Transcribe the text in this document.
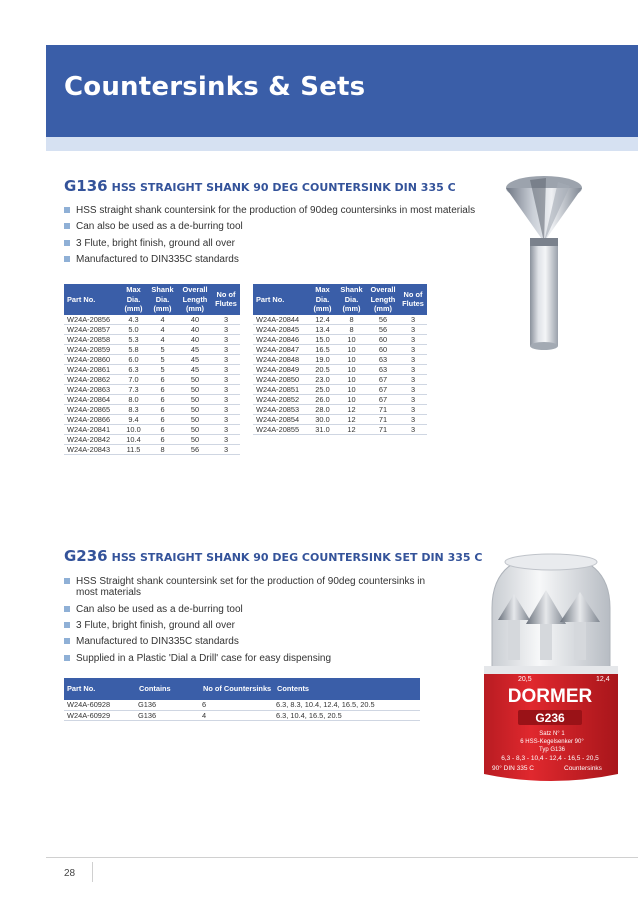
Countersinks & Sets
G136 HSS STRAIGHT SHANK 90 DEG COUNTERSINK DIN 335 C
HSS straight shank countersink for the production of 90deg countersinks in most materials
Can also be used as a de-burring tool
3 Flute, bright finish, ground all over
Manufactured to DIN335C standards
Part No.	Max Dia. (mm)	Shank Dia. (mm)	Overall Length (mm)	No of Flutes
W24A-20856	4.3	4	40	3
W24A-20857	5.0	4	40	3
W24A-20858	5.3	4	40	3
W24A-20859	5.8	5	45	3
W24A-20860	6.0	5	45	3
W24A-20861	6.3	5	45	3
W24A-20862	7.0	6	50	3
W24A-20863	7.3	6	50	3
W24A-20864	8.0	6	50	3
W24A-20865	8.3	6	50	3
W24A-20866	9.4	6	50	3
W24A-20841	10.0	6	50	3
W24A-20842	10.4	6	50	3
W24A-20843	11.5	8	56	3
Part No.	Max Dia. (mm)	Shank Dia. (mm)	Overall Length (mm)	No of Flutes
W24A-20844	12.4	8	56	3
W24A-20845	13.4	8	56	3
W24A-20846	15.0	10	60	3
W24A-20847	16.5	10	60	3
W24A-20848	19.0	10	63	3
W24A-20849	20.5	10	63	3
W24A-20850	23.0	10	67	3
W24A-20851	25.0	10	67	3
W24A-20852	26.0	10	67	3
W24A-20853	28.0	12	71	3
W24A-20854	30.0	12	71	3
W24A-20855	31.0	12	71	3
G236 HSS STRAIGHT SHANK 90 DEG COUNTERSINK SET DIN 335 C
HSS Straight shank countersink set for the production of 90deg countersinks in most materials
Can also be used as a de-burring tool
3 Flute, bright finish, ground all over
Manufactured to DIN335C standards
Supplied in a Plastic 'Dial a Drill' case for easy dispensing
Part No.	Contains	No of Countersinks	Contents
W24A-60928	G136	6	6.3, 8.3, 10.4, 12.4, 16.5, 20.5
W24A-60929	G136	4	6.3, 10.4, 16.5, 20.5
20,5	12,4
DORMER
G236
Satz N° 1
6 HSS-Kegelsenker 90°
Typ G136
6,3 - 8,3 - 10,4 - 12,4 - 16,5 - 20,5
90° DIN 335 C	Countersinks
28
